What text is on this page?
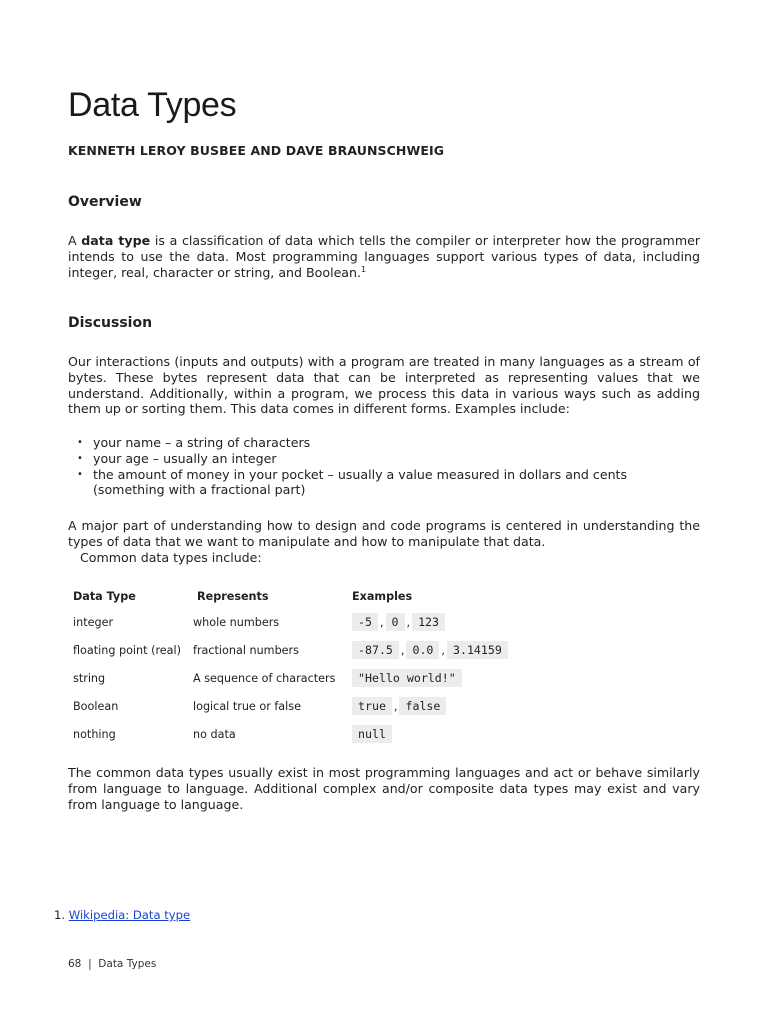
Data Types

KENNETH LEROY BUSBEE AND DAVE BRAUNSCHWEIG

Overview

A data type is a classification of data which tells the compiler or interpreter how the programmer intends to use the data. Most programming languages support various types of data, including integer, real, character or string, and Boolean.$^1$

Discussion

Our interactions (inputs and outputs) with a program are treated in many languages as a stream of bytes. These bytes represent data that can be interpreted as representing values that we understand. Additionally, within a program, we process this data in various ways such as adding them up or sorting them. This data comes in different forms. Examples include:

• your name – a string of characters
• your age – usually an integer
• the amount of money in your pocket – usually a value measured in dollars and cents (something with a fractional part)

A major part of understanding how to design and code programs is centered in understanding the types of data that we want to manipulate and how to manipulate that data.

Common data types include:

Data Type	Represents	Examples
integer	whole numbers	-5 , 0 , 123
floating point (real)	fractional numbers	-87.5 , 0.0 , 3.14159
string	A sequence of characters	"Hello world!"
Boolean	logical true or false	true , false
nothing	no data	null

The common data types usually exist in most programming languages and act or behave similarly from language to language. Additional complex and/or composite data types may exist and vary from language to language.

1. Wikipedia: Data type

68 | Data Types
